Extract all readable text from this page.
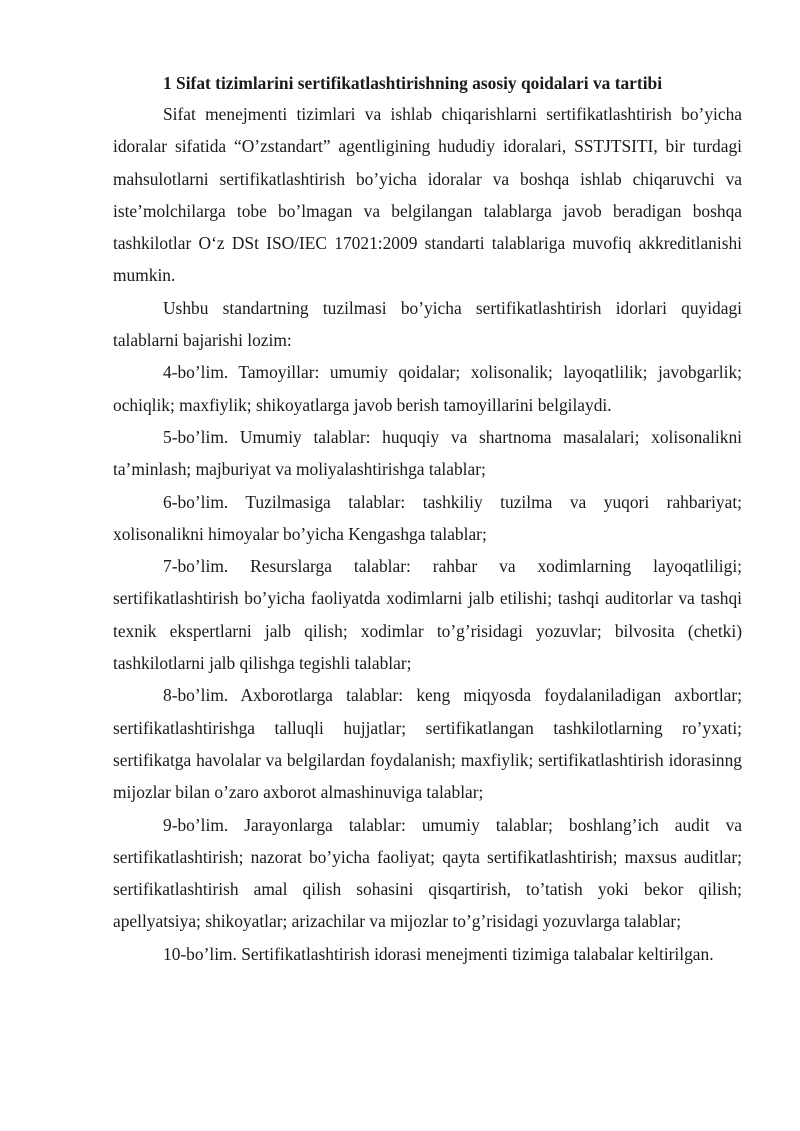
1 Sifat tizimlarini sertifikatlashtirishning asosiy qoidalari va tartibi

Sifat menejmenti tizimlari va ishlab chiqarishlarni sertifikatlashtirish bo’yicha idoralar sifatida “O’zstandart” agentligining hududiy idoralari, SSTJTSITI, bir turdagi mahsulotlarni sertifikatlashtirish bo’yicha idoralar va boshqa ishlab chiqaruvchi va iste’molchilarga tobe bo’lmagan va belgilangan talablarga javob beradigan boshqa tashkilotlar O‘z DSt ISO/IEC 17021:2009 standarti talablariga muvofiq akkreditlanishi mumkin.

Ushbu standartning tuzilmasi bo’yicha sertifikatlashtirish idorlari quyidagi talablarni bajarishi lozim:

4-bo’lim. Tamoyillar: umumiy qoidalar; xolisonalik; layoqatlilik; javobgarlik; ochiqlik; maxfiylik; shikoyatlarga javob berish tamoyillarini belgilaydi.

5-bo’lim. Umumiy talablar: huquqiy va shartnoma masalalari; xolisonalikni ta’minlash; majburiyat va moliyalashtirishga talablar;

6-bo’lim. Tuzilmasiga talablar: tashkiliy tuzilma va yuqori rahbariyat; xolisonalikni himoyalar bo’yicha Kengashga talablar;

7-bo’lim. Resurslarga talablar: rahbar va xodimlarning layoqatliligi; sertifikatlashtirish bo’yicha faoliyatda xodimlarni jalb etilishi; tashqi auditorlar va tashqi texnik ekspertlarni jalb qilish; xodimlar to’g’risidagi yozuvlar; bilvosita (chetki) tashkilotlarni jalb qilishga tegishli talablar;

8-bo’lim. Axborotlarga talablar: keng miqyosda foydalaniladigan axbortlar; sertifikatlashtirishga talluqli hujjatlar; sertifikatlangan tashkilotlarning ro’yxati; sertifikatga havolalar va belgilardan foydalanish; maxfiylik; sertifikatlashtirish idorasinng mijozlar bilan o’zaro axborot almashinuviga talablar;

9-bo’lim. Jarayonlarga talablar: umumiy talablar; boshlang’ich audit va sertifikatlashtirish; nazorat bo’yicha faoliyat; qayta sertifikatlashtirish; maxsus auditlar; sertifikatlashtirish amal qilish sohasini qisqartirish, to’tatish yoki bekor qilish; apellyatsiya; shikoyatlar; arizachilar va mijozlar to’g’risidagi yozuvlarga talablar;

10-bo’lim. Sertifikatlashtirish idorasi menejmenti tizimiga talabalar keltirilgan.
